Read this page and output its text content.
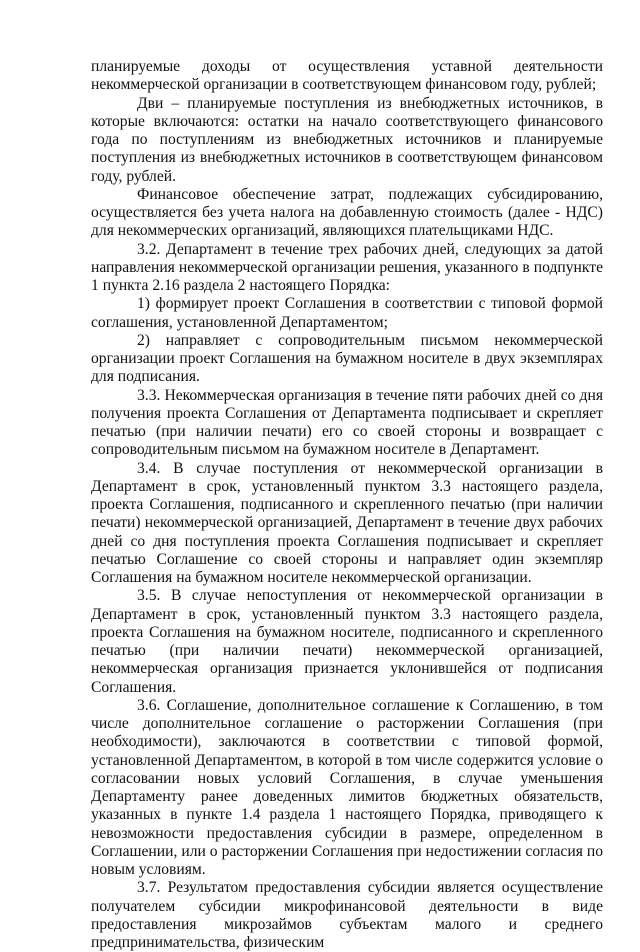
планируемые доходы от осуществления уставной деятельности некоммерческой организации в соответствующем финансовом году, рублей;

Дви – планируемые поступления из внебюджетных источников, в которые включаются: остатки на начало соответствующего финансового года по поступлениям из внебюджетных источников и планируемые поступления из внебюджетных источников в соответствующем финансовом году, рублей.

Финансовое обеспечение затрат, подлежащих субсидированию, осуществляется без учета налога на добавленную стоимость (далее - НДС) для некоммерческих организаций, являющихся плательщиками НДС.

3.2. Департамент в течение трех рабочих дней, следующих за датой направления некоммерческой организации решения, указанного в подпункте 1 пункта 2.16 раздела 2 настоящего Порядка:

1) формирует проект Соглашения в соответствии с типовой формой соглашения, установленной Департаментом;

2) направляет с сопроводительным письмом некоммерческой организации проект Соглашения на бумажном носителе в двух экземплярах для подписания.

3.3. Некоммерческая организация в течение пяти рабочих дней со дня получения проекта Соглашения от Департамента подписывает и скрепляет печатью (при наличии печати) его со своей стороны и возвращает с сопроводительным письмом на бумажном носителе в Департамент.

3.4. В случае поступления от некоммерческой организации в Департамент в срок, установленный пунктом 3.3 настоящего раздела, проекта Соглашения, подписанного и скрепленного печатью (при наличии печати) некоммерческой организацией, Департамент в течение двух рабочих дней со дня поступления проекта Соглашения подписывает и скрепляет печатью Соглашение со своей стороны и направляет один экземпляр Соглашения на бумажном носителе некоммерческой организации.

3.5. В случае непоступления от некоммерческой организации в Департамент в срок, установленный пунктом 3.3 настоящего раздела, проекта Соглашения на бумажном носителе, подписанного и скрепленного печатью (при наличии печати) некоммерческой организацией, некоммерческая организация признается уклонившейся от подписания Соглашения.

3.6. Соглашение, дополнительное соглашение к Соглашению, в том числе дополнительное соглашение о расторжении Соглашения (при необходимости), заключаются в соответствии с типовой формой, установленной Департаментом, в которой в том числе содержится условие о согласовании новых условий Соглашения, в случае уменьшения Департаменту ранее доведенных лимитов бюджетных обязательств, указанных в пункте 1.4 раздела 1 настоящего Порядка, приводящего к невозможности предоставления субсидии в размере, определенном в Соглашении, или о расторжении Соглашения при недостижении согласия по новым условиям.

3.7. Результатом предоставления субсидии является осуществление получателем субсидии микрофинансовой деятельности в виде предоставления микрозаймов субъектам малого и среднего предпринимательства, физическим
